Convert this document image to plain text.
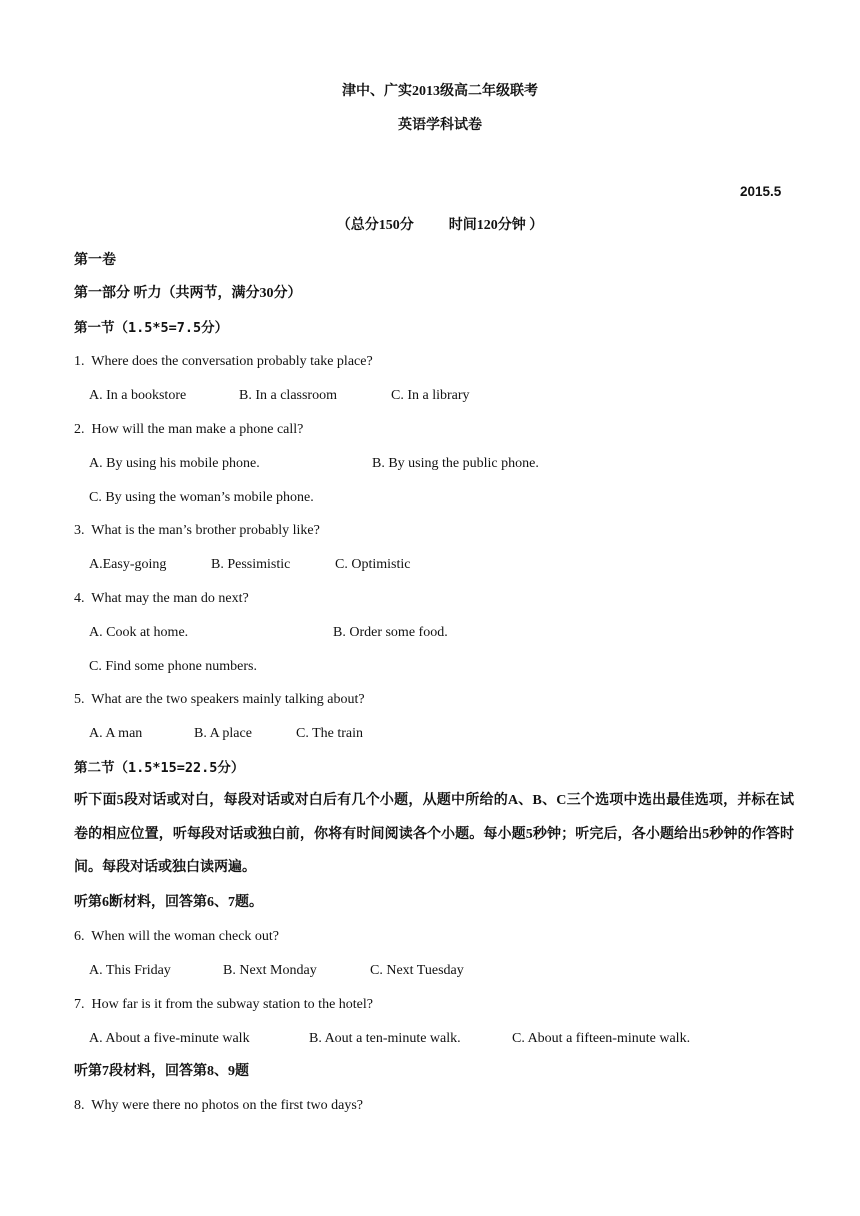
津中、广实2013级高二年级联考
英语学科试卷
2015.5
（总分150分          时间120分钟 ）
第一卷
第一部分 听力（共两节，满分30分）
第一节（1.5*5=7.5分）
1.  Where does the conversation probably take place?
A. In a bookstore	B. In a classroom	C. In a library
2.  How will the man make a phone call?
A. By using his mobile phone.	B. By using the public phone.
C. By using the woman’s mobile phone.
3.  What is the man’s brother probably like?
A.Easy-going	B. Pessimistic	C. Optimistic
4.  What may the man do next?
A. Cook at home.	B. Order some food.
C. Find some phone numbers.
5.  What are the two speakers mainly talking about?
A. A man	B. A place	C. The train
第二节（1.5*15=22.5分）
听下面5段对话或对白，每段对话或对白后有几个小题，从题中所给的A、B、C三个选项中选出最佳选项，并标在试卷的相应位置，听每段对话或独白前，你将有时间阅读各个小题。每小题5秒钟；听完后，各小题给出5秒钟的作答时间。每段对话或独白读两遍。
听第6断材料，回答第6、7题。
6.  When will the woman check out?
A. This Friday	B. Next Monday	C. Next Tuesday
7.  How far is it from the subway station to the hotel?
A. About a five-minute walk	B. Aout a ten-minute walk.	C. About a fifteen-minute walk.
听第7段材料，回答第8、9题
8.  Why were there no photos on the first two days?
